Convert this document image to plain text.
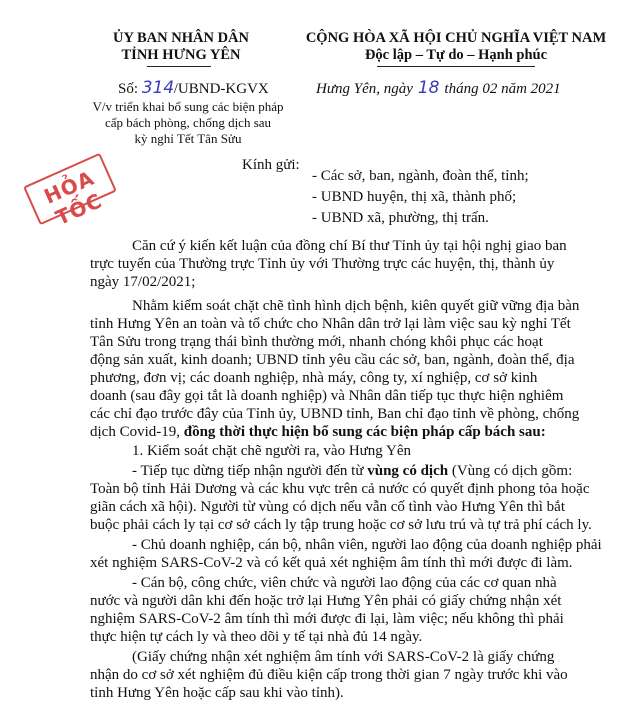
ỦY BAN NHÂN DÂN
TỈNH HƯNG YÊN
CỘNG HÒA XÃ HỘI CHỦ NGHĨA VIỆT NAM
Độc lập – Tự do – Hạnh phúc
Số: 314/UBND-KGVX
V/v triển khai bổ sung các biện pháp
cấp bách phòng, chống dịch sau
kỳ nghỉ Tết Tân Sửu
Hưng Yên, ngày 18 tháng 02 năm 2021
HỎA TỐC
Kính gửi:
- Các sở, ban, ngành, đoàn thể, tỉnh;
- UBND huyện, thị xã, thành phố;
- UBND xã, phường, thị trấn.

Căn cứ ý kiến kết luận của đồng chí Bí thư Tỉnh ủy tại hội nghị giao ban

trực tuyến của Thường trực Tỉnh ủy với Thường trực các huyện, thị, thành ủy

ngày 17/02/2021;

Nhằm kiểm soát chặt chẽ tình hình dịch bệnh, kiên quyết giữ vững địa bàn

tỉnh Hưng Yên an toàn và tổ chức cho Nhân dân trở lại làm việc sau kỳ nghỉ Tết

Tân Sửu trong trạng thái bình thường mới, nhanh chóng khôi phục các hoạt

động sản xuất, kinh doanh; UBND tỉnh yêu cầu các sở, ban, ngành, đoàn thể, địa

phương, đơn vị; các doanh nghiệp, nhà máy, công ty, xí nghiệp, cơ sở kinh

doanh (sau đây gọi tắt là doanh nghiệp) và Nhân dân tiếp tục thực hiện nghiêm

các chỉ đạo trước đây của Tỉnh ủy, UBND tỉnh, Ban chỉ đạo tỉnh về phòng, chống

dịch Covid-19, đồng thời thực hiện bổ sung các biện pháp cấp bách sau:

1. Kiểm soát chặt chẽ người ra, vào Hưng Yên

- Tiếp tục dừng tiếp nhận người đến từ vùng có dịch (Vùng có dịch gồm:

Toàn bộ tỉnh Hải Dương và các khu vực trên cả nước có quyết định phong tỏa hoặc

giãn cách xã hội). Người từ vùng có dịch nếu vẫn cố tình vào Hưng Yên thì bắt

buộc phải cách ly tại cơ sở cách ly tập trung hoặc cơ sở lưu trú và tự trả phí cách ly.

- Chủ doanh nghiệp, cán bộ, nhân viên, người lao động của doanh nghiệp phải

xét nghiệm SARS-CoV-2 và có kết quả xét nghiệm âm tính thì mới được đi làm.

- Cán bộ, công chức, viên chức và người lao động của các cơ quan nhà

nước và người dân khi đến hoặc trở lại Hưng Yên phải có giấy chứng nhận xét

nghiệm SARS-CoV-2 âm tính thì mới được đi lại, làm việc; nếu không thì phải

thực hiện tự cách ly và theo dõi y tế tại nhà đủ 14 ngày.

(Giấy chứng nhận xét nghiệm âm tính với SARS-CoV-2 là giấy chứng

nhận do cơ sở xét nghiệm đủ điều kiện cấp trong thời gian 7 ngày trước khi vào

tỉnh Hưng Yên hoặc cấp sau khi vào tỉnh).
